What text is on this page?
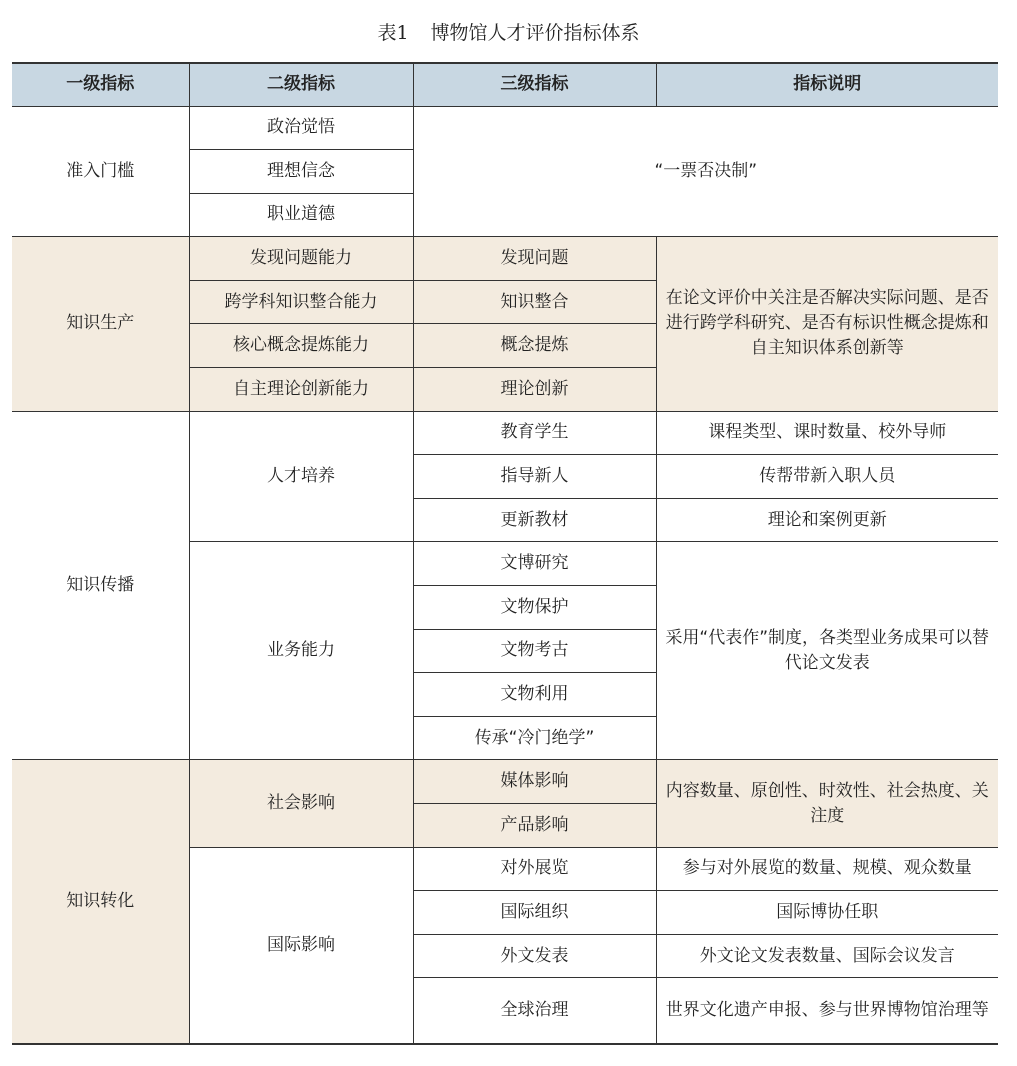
表1 博物馆人才评价指标体系
一级指标	二级指标	三级指标	指标说明
准入门槛	政治觉悟	“一票否决制”	
	理想信念		
	职业道德		
知识生产	发现问题能力	发现问题	在论文评价中关注是否解决实际问题、是否进行跨学科研究、是否有标识性概念提炼和自主知识体系创新等
	跨学科知识整合能力	知识整合	
	核心概念提炼能力	概念提炼	
	自主理论创新能力	理论创新	
知识传播	人才培养	教育学生	课程类型、课时数量、校外导师
		指导新人	传帮带新入职人员
		更新教材	理论和案例更新
	业务能力	文博研究	采用“代表作”制度，各类型业务成果可以替代论文发表
		文物保护	
		文物考古	
		文物利用	
		传承“冷门绝学”	
知识转化	社会影响	媒体影响	内容数量、原创性、时效性、社会热度、关注度
		产品影响	
	国际影响	对外展览	参与对外展览的数量、规模、观众数量
		国际组织	国际博协任职
		外文发表	外文论文发表数量、国际会议发言
		全球治理	世界文化遗产申报、参与世界博物馆治理等
